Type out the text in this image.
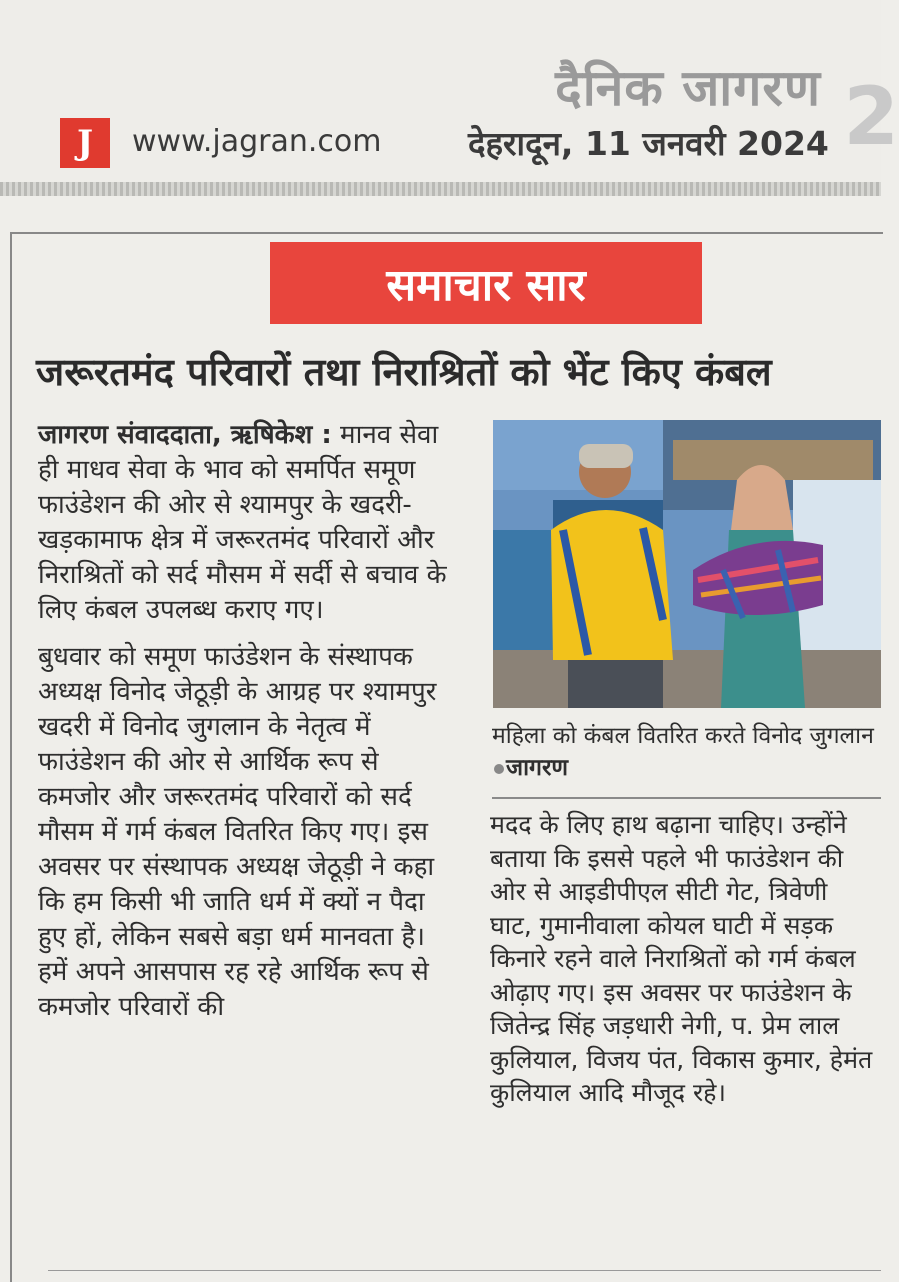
दैनिक जागरण 2
J	www.jagran.com	देहरादून, 11 जनवरी 2024
समाचार सार
जरूरतमंद परिवारों तथा निराश्रितों को भेंट किए कंबल

जागरण संवाददाता, ऋषिकेश : मानव सेवा ही माधव सेवा के भाव को समर्पित समूण फाउंडेशन की ओर से श्यामपुर के खदरी-खड़कामाफ क्षेत्र में जरूरतमंद परिवारों और निराश्रितों को सर्द मौसम में सर्दी से बचाव के लिए कंबल उपलब्ध कराए गए।

बुधवार को समूण फाउंडेशन के संस्थापक अध्यक्ष विनोद जेठूड़ी के आग्रह पर श्यामपुर खदरी में विनोद जुगलान के नेतृत्व में फाउंडेशन की ओर से आर्थिक रूप से कमजोर और जरूरतमंद परिवारों को सर्द मौसम में गर्म कंबल वितरित किए गए। इस अवसर पर संस्थापक अध्यक्ष जेठूड़ी ने कहा कि हम किसी भी जाति धर्म में क्यों न पैदा हुए हों, लेकिन सबसे बड़ा धर्म मानवता है। हमें अपने आसपास रह रहे आर्थिक रूप से कमजोर परिवारों की

महिला को कंबल वितरित करते विनोद जुगलानजागरण

मदद के लिए हाथ बढ़ाना चाहिए। उन्होंने बताया कि इससे पहले भी फाउंडेशन की ओर से आइडीपीएल सीटी गेट, त्रिवेणी घाट, गुमानीवाला कोयल घाटी में सड़क किनारे रहने वाले निराश्रितों को गर्म कंबल ओढ़ाए गए। इस अवसर पर फाउंडेशन के जितेन्द्र सिंह जड़धारी नेगी, प. प्रेम लाल कुलियाल, विजय पंत, विकास कुमार, हेमंत कुलियाल आदि मौजूद रहे।
